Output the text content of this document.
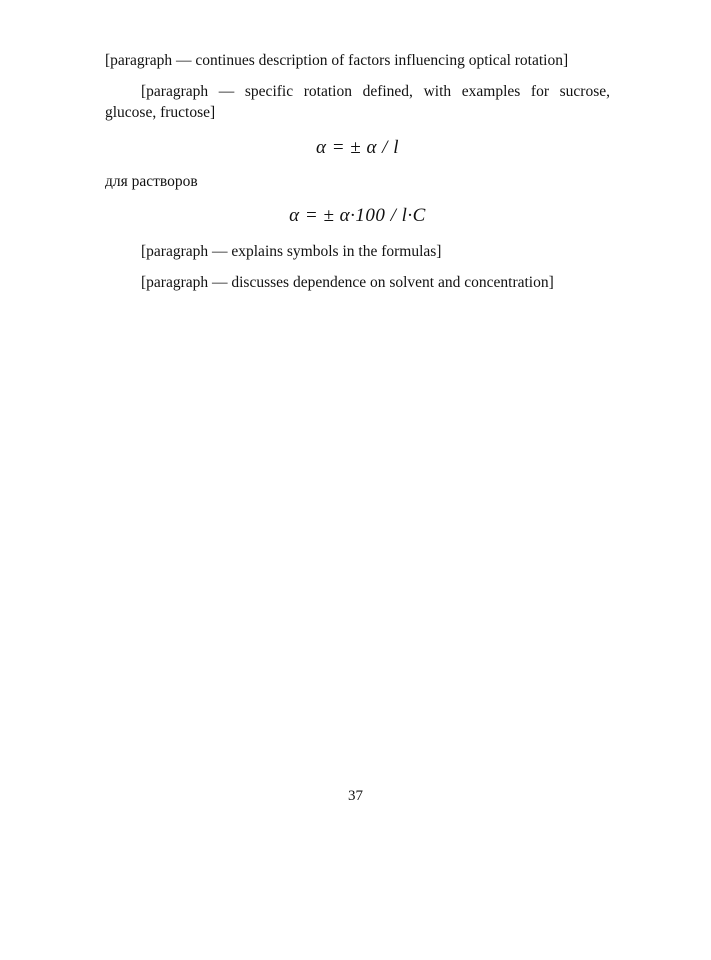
[paragraph — continues description of factors influencing optical rotation]

[paragraph — specific rotation defined, with examples for sucrose, glucose, fructose]

α = ± α / l
для растворов
α = ± α·100 / l·C

[paragraph — explains symbols in the formulas]

[paragraph — discusses dependence on solvent and concentration]

37
